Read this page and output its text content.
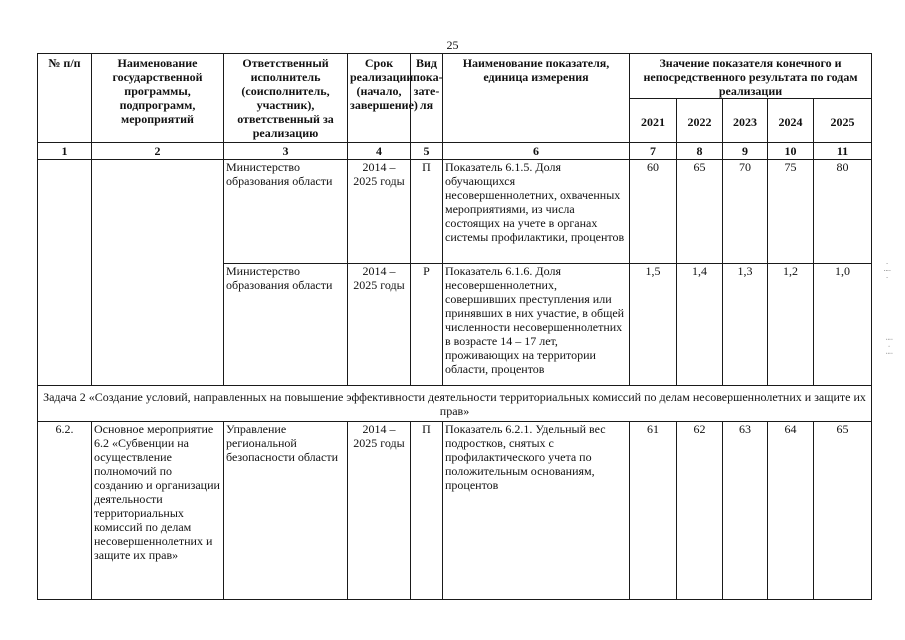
25
№ п/п	Наименование государственной программы, подпрограмм, мероприятий	Ответственный исполнитель (соисполнитель, участник), ответственный за реализацию	Срок реализации (начало, завершение)	Вид пока-зате-ля	Наименование показателя, единица измерения	Значение показателя конечного и непосредственного результата по годам реализации				
						2021	2022	2023	2024	2025
1	2	3	4	5	6	7	8	9	10	11
		Министерство образования области	2014 – 2025 годы	П	Показатель 6.1.5. Доля обучающихся несовершеннолетних, охваченных мероприятиями, из числа состоящих на учете в органах системы профилактики, процентов	60	65	70	75	80
		Министерство образования области	2014 – 2025 годы	Р	Показатель 6.1.6. Доля несовершеннолетних, совершивших преступления или принявших в них участие, в общей численности несовершеннолетних в возрасте 14 – 17 лет, проживающих на территории области, процентов	1,5	1,4	1,3	1,2	1,0
Задача 2 «Создание условий, направленных на повышение эффективности деятельности территориальных комиссий по делам несовершеннолетних и защите их прав»										
6.2.	Основное мероприятие 6.2 «Субвенции на осуществление полномочий по созданию и организации деятельности территориальных комиссий по делам несовершеннолетних и защите их прав»	Управление региональной безопасности области	2014 – 2025 годы	П	Показатель 6.2.1. Удельный вес подростков, снятых с профилактического учета по положительным основаниям, процентов	61	62	63	64	65
· ⁞ ·
⁞ · ⁞
